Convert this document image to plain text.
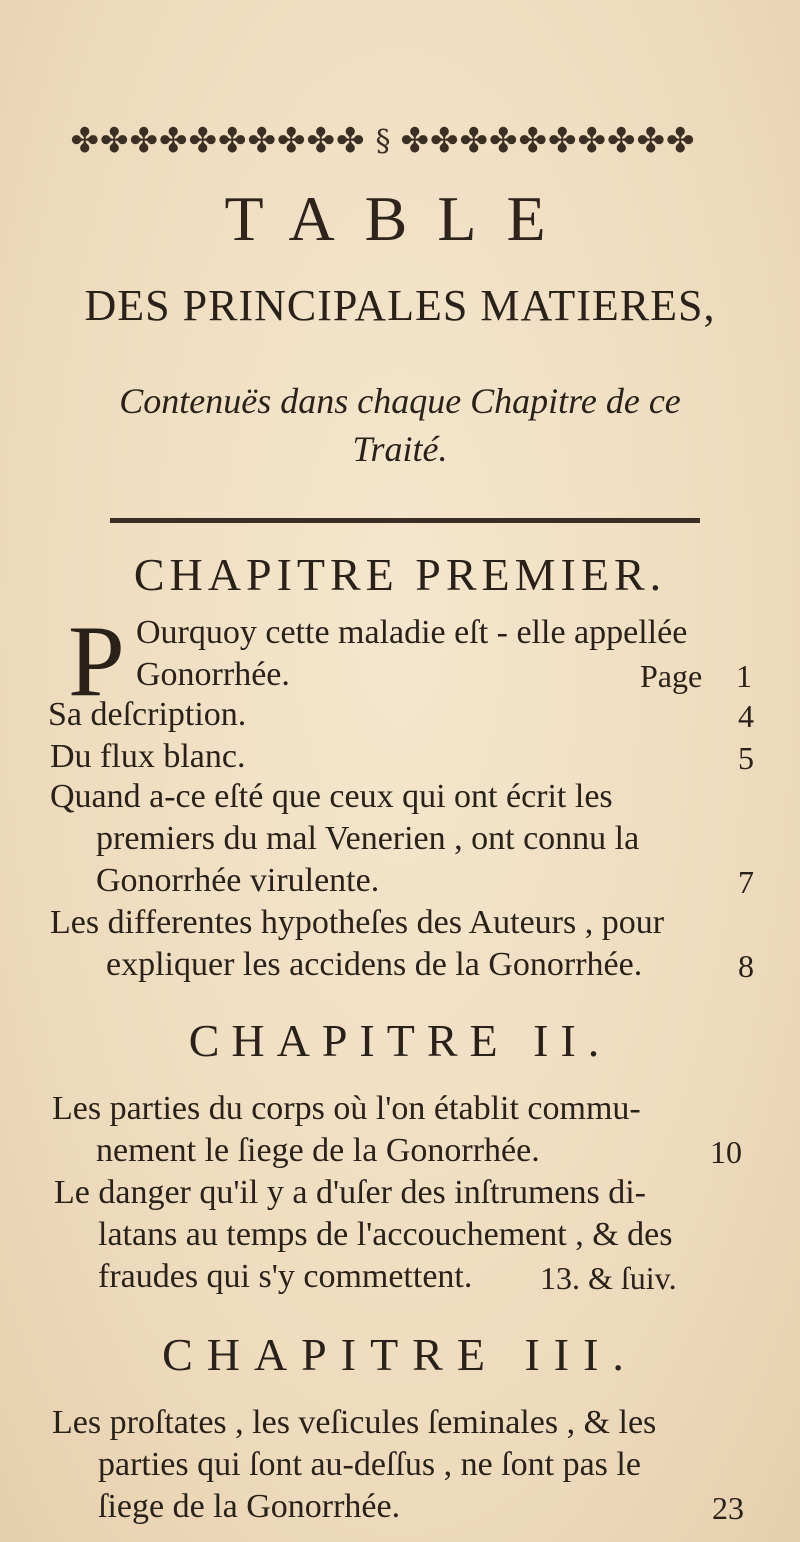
✤✤✤✤✤✤✤✤✤✤ § ✤✤✤✤✤✤✤✤✤✤
TABLE
DES PRINCIPALES MATIERES,
Contenuës dans chaque Chapitre de ce
Traité.
CHAPITRE PREMIER.
P Ourquoy cette maladie eſt - elle appellée
Gonorrhée.	Page 1
Sa deſcription.	4
Du flux blanc.	5
Quand a-ce eſté que ceux qui ont écrit les
premiers du mal Venerien , ont connu la
Gonorrhée virulente.	7
Les differentes hypotheſes des Auteurs , pour
expliquer les accidens de la Gonorrhée.	8
CHAPITRE II.
Les parties du corps où l'on établit commu-
nement le ſiege de la Gonorrhée.	10
Le danger qu'il y a d'uſer des inſtrumens di-
latans au temps de l'accouchement , & des
fraudes qui s'y commettent. 13. & ſuiv.
CHAPITRE III.
Les proſtates , les veſicules ſeminales , & les
parties qui ſont au-deſſus , ne ſont pas le
ſiege de la Gonorrhée.	23
